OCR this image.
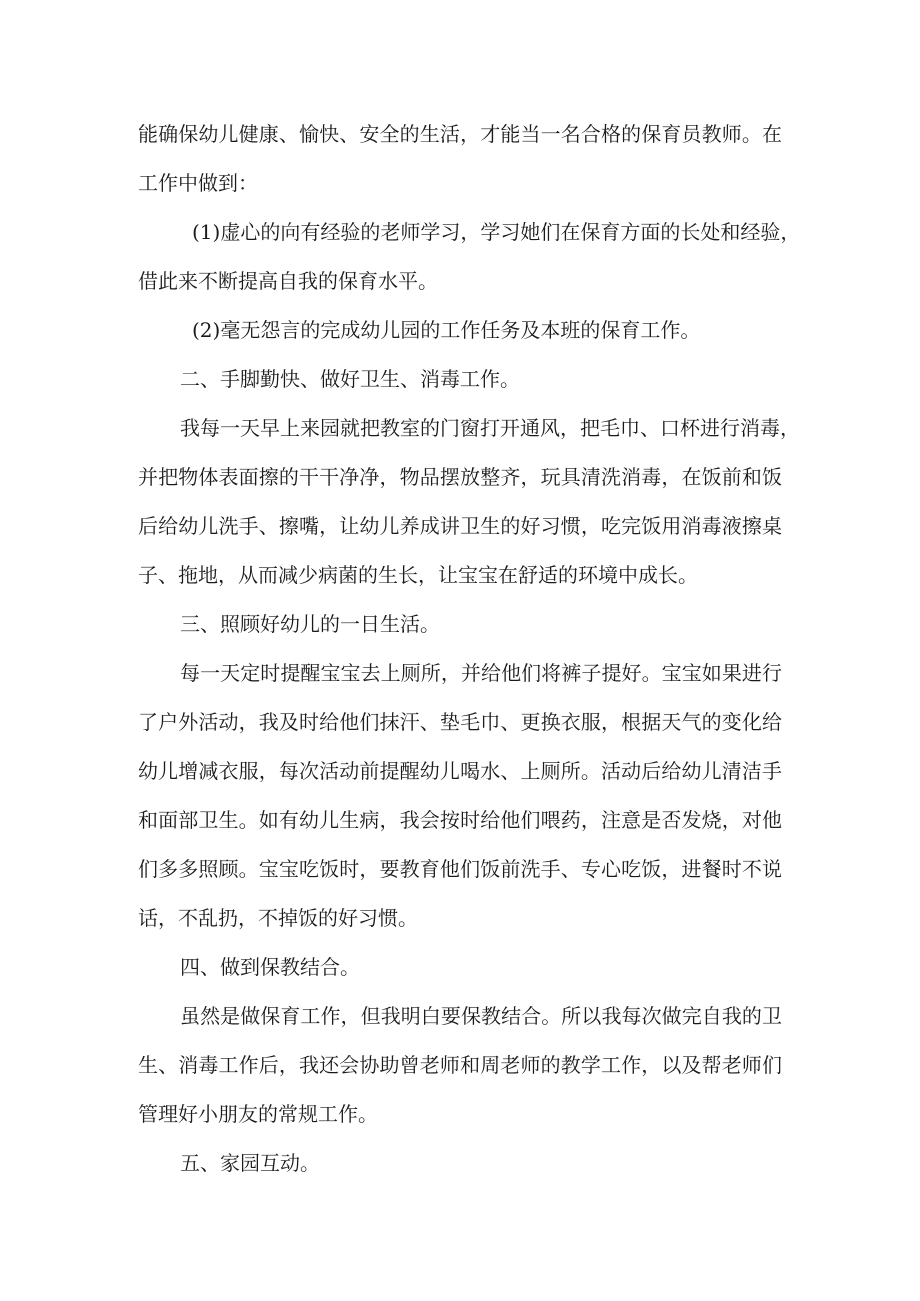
能确保幼儿健康、愉快、安全的生活，才能当一名合格的保育员教师。在

工作中做到：

(1)虚心的向有经验的老师学习，学习她们在保育方面的长处和经验，

借此来不断提高自我的保育水平。

(2)毫无怨言的完成幼儿园的工作任务及本班的保育工作。

二、手脚勤快、做好卫生、消毒工作。

我每一天早上来园就把教室的门窗打开通风，把毛巾、口杯进行消毒，

并把物体表面擦的干干净净，物品摆放整齐，玩具清洗消毒，在饭前和饭

后给幼儿洗手、擦嘴，让幼儿养成讲卫生的好习惯，吃完饭用消毒液擦桌

子、拖地，从而减少病菌的生长，让宝宝在舒适的环境中成长。

三、照顾好幼儿的一日生活。

每一天定时提醒宝宝去上厕所，并给他们将裤子提好。宝宝如果进行

了户外活动，我及时给他们抹汗、垫毛巾、更换衣服，根据天气的变化给

幼儿增减衣服，每次活动前提醒幼儿喝水、上厕所。活动后给幼儿清洁手

和面部卫生。如有幼儿生病，我会按时给他们喂药，注意是否发烧，对他

们多多照顾。宝宝吃饭时，要教育他们饭前洗手、专心吃饭，进餐时不说

话，不乱扔，不掉饭的好习惯。

四、做到保教结合。

虽然是做保育工作，但我明白要保教结合。所以我每次做完自我的卫

生、消毒工作后，我还会协助曾老师和周老师的教学工作，以及帮老师们

管理好小朋友的常规工作。

五、家园互动。
